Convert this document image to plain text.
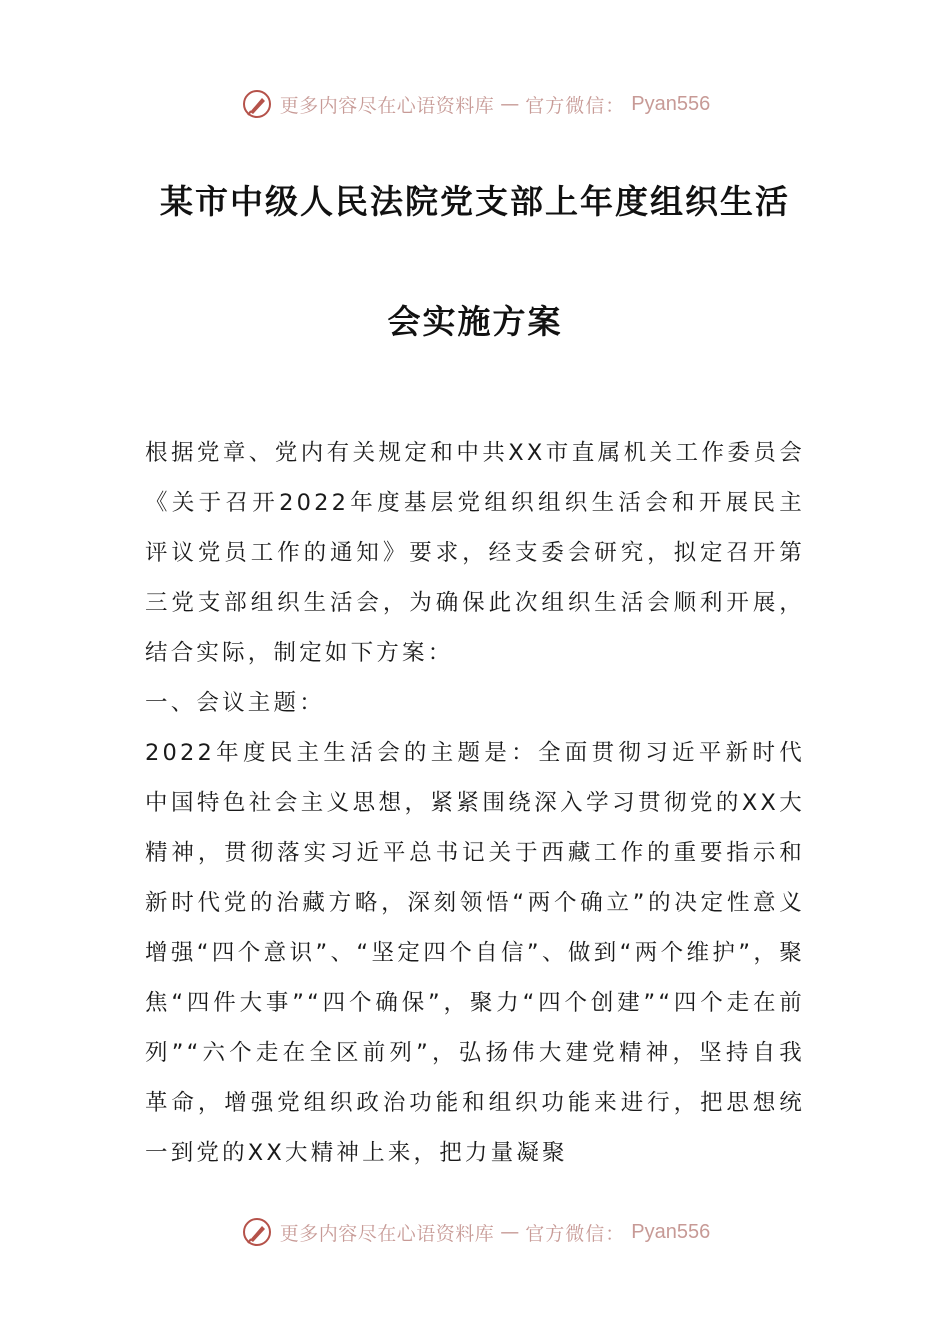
更多内容尽在心语资料库 — 官方微信： Pyan556
某市中级人民法院党支部上年度组织生活
会实施方案

根据党章、党内有关规定和中共XX市直属机关工作委员会《关于召开2022年度基层党组织组织生活会和开展民主评议党员工作的通知》要求，经支委会研究，拟定召开第三党支部组织生活会，为确保此次组织生活会顺利开展，结合实际，制定如下方案：

一、会议主题：

2022年度民主生活会的主题是：全面贯彻习近平新时代中国特色社会主义思想，紧紧围绕深入学习贯彻党的XX大精神，贯彻落实习近平总书记关于西藏工作的重要指示和新时代党的治藏方略，深刻领悟“两个确立”的决定性意义增强“四个意识”、“坚定四个自信”、做到“两个维护”，聚焦“四件大事”“四个确保”，聚力“四个创建”“四个走在前列”“六个走在全区前列”，弘扬伟大建党精神，坚持自我革命，增强党组织政治功能和组织功能来进行，把思想统一到党的XX大精神上来，把力量凝聚

更多内容尽在心语资料库 — 官方微信： Pyan556
